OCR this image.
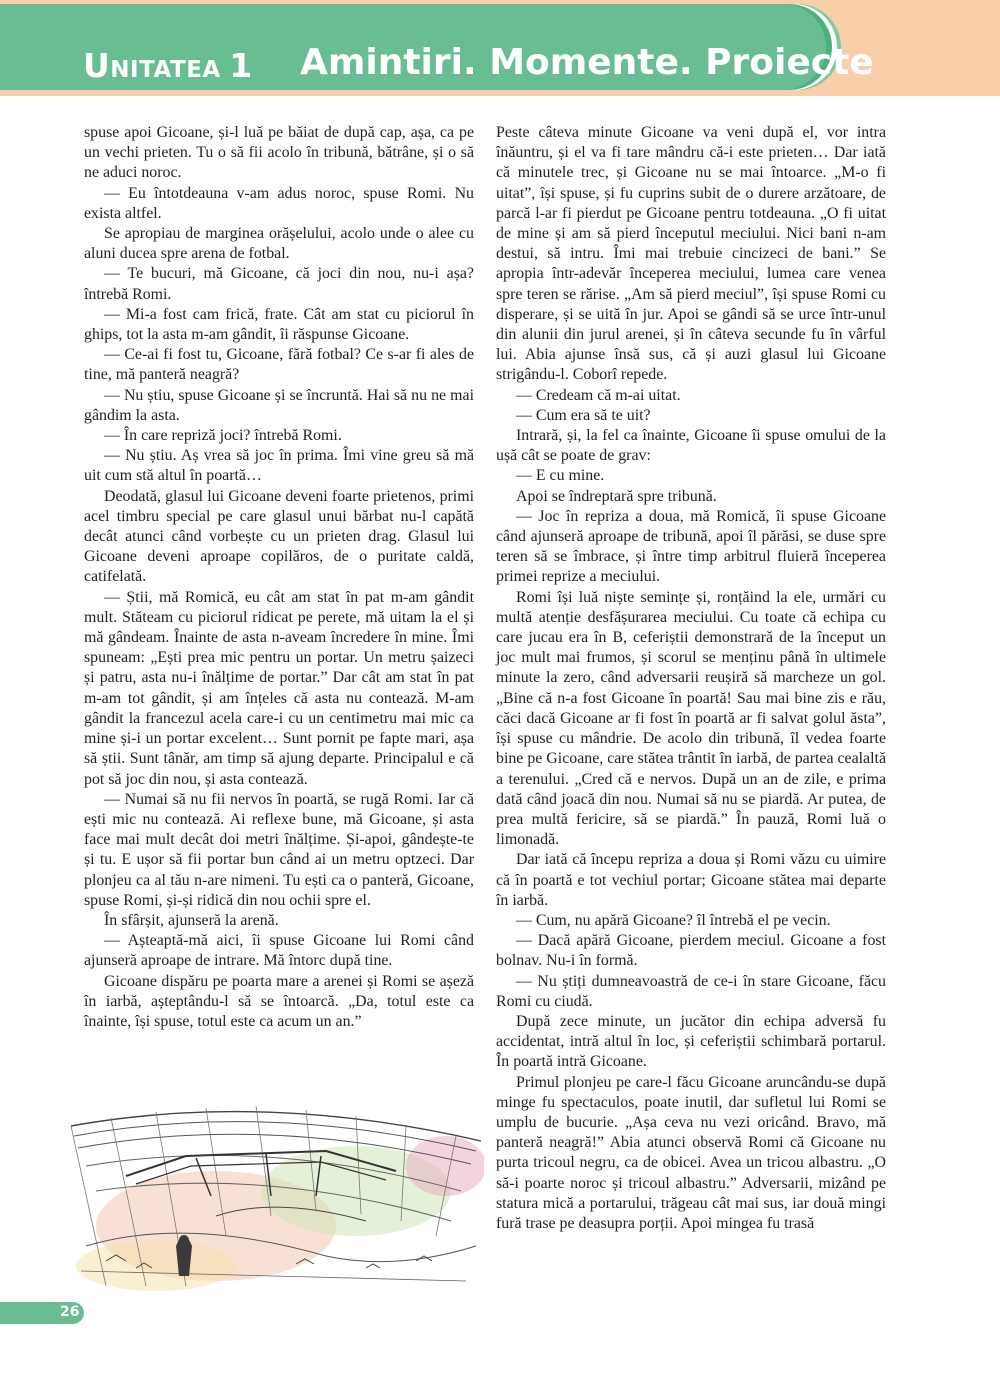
UNITATEA 1 Amintiri. Momente. Proiecte

spuse apoi Gicoane, și-l luă pe băiat de după cap, așa, ca pe un vechi prieten. Tu o să fii acolo în tribună, bătrâne, și o să ne aduci noroc.

— Eu întotdeauna v-am adus noroc, spuse Romi. Nu exista altfel.

Se apropiau de marginea orășelului, acolo unde o alee cu aluni ducea spre arena de fotbal.

— Te bucuri, mă Gicoane, că joci din nou, nu-i așa? întrebă Romi.

— Mi-a fost cam frică, frate. Cât am stat cu piciorul în ghips, tot la asta m-am gândit, îi răspunse Gicoane.

— Ce-ai fi fost tu, Gicoane, fără fotbal? Ce s-ar fi ales de tine, mă panteră neagră?

— Nu știu, spuse Gicoane și se încruntă. Hai să nu ne mai gândim la asta.

— În care repriză joci? întrebă Romi.

— Nu știu. Aș vrea să joc în prima. Îmi vine greu să mă uit cum stă altul în poartă…

Deodată, glasul lui Gicoane deveni foarte prietenos, primi acel timbru special pe care glasul unui bărbat nu-l capătă decât atunci când vorbește cu un prieten drag. Glasul lui Gicoane deveni aproape copilăros, de o puritate caldă, catifelată.

— Știi, mă Romică, eu cât am stat în pat m-am gândit mult. Stăteam cu piciorul ridicat pe perete, mă uitam la el și mă gândeam. Înainte de asta n-aveam încredere în mine. Îmi spuneam: „Ești prea mic pentru un portar. Un metru șaizeci și patru, asta nu-i înălțime de portar.” Dar cât am stat în pat m-am tot gândit, și am înțeles că asta nu contează. M-am gândit la francezul acela care-i cu un centimetru mai mic ca mine și-i un portar excelent… Sunt pornit pe fapte mari, așa să știi. Sunt tânăr, am timp să ajung departe. Principalul e că pot să joc din nou, și asta contează.

— Numai să nu fii nervos în poartă, se rugă Romi. Iar că ești mic nu contează. Ai reflexe bune, mă Gicoane, și asta face mai mult decât doi metri înălțime. Și-apoi, gândește-te și tu. E ușor să fii portar bun când ai un metru optzeci. Dar plonjeu ca al tău n-are nimeni. Tu ești ca o panteră, Gicoane, spuse Romi, și-și ridică din nou ochii spre el.

În sfârșit, ajunseră la arenă.

— Așteaptă-mă aici, îi spuse Gicoane lui Romi când ajunseră aproape de intrare. Mă întorc după tine.

Gicoane dispăru pe poarta mare a arenei și Romi se așeză în iarbă, așteptându-l să se întoarcă. „Da, totul este ca înainte, își spuse, totul este ca acum un an.”

Peste câteva minute Gicoane va veni după el, vor intra înăuntru, și el va fi tare mândru că-i este prieten… Dar iată că minutele trec, și Gicoane nu se mai întoarce. „M-o fi uitat”, își spuse, și fu cuprins subit de o durere arzătoare, de parcă l-ar fi pierdut pe Gicoane pentru totdeauna. „O fi uitat de mine și am să pierd începutul meciului. Nici bani n-am destui, să intru. Îmi mai trebuie cincizeci de bani.” Se apropia într-adevăr începerea meciului, lumea care venea spre teren se rărise. „Am să pierd meciul”, își spuse Romi cu disperare, și se uită în jur. Apoi se gândi să se urce într-unul din alunii din jurul arenei, și în câteva secunde fu în vârful lui. Abia ajunse însă sus, că și auzi glasul lui Gicoane strigându-l. Coborî repede.

— Credeam că m-ai uitat.

— Cum era să te uit?

Intrară, și, la fel ca înainte, Gicoane îi spuse omului de la ușă cât se poate de grav:

— E cu mine.

Apoi se îndreptară spre tribună.

— Joc în repriza a doua, mă Romică, îi spuse Gicoane când ajunseră aproape de tribună, apoi îl părăsi, se duse spre teren să se îmbrace, și între timp arbitrul fluieră începerea primei reprize a meciului.

Romi își luă niște semințe și, ronțăind la ele, urmări cu multă atenție desfășurarea meciului. Cu toate că echipa cu care jucau era în B, ceferiștii demonstrară de la început un joc mult mai frumos, și scorul se menținu până în ultimele minute la zero, când adversarii reușiră să marcheze un gol. „Bine că n-a fost Gicoane în poartă! Sau mai bine zis e rău, căci dacă Gicoane ar fi fost în poartă ar fi salvat golul ăsta”, își spuse cu mândrie. De acolo din tribună, îl vedea foarte bine pe Gicoane, care stătea trântit în iarbă, de partea cealaltă a terenului. „Cred că e nervos. După un an de zile, e prima dată când joacă din nou. Numai să nu se piardă. Ar putea, de prea multă fericire, să se piardă.” În pauză, Romi luă o limonadă.

Dar iată că începu repriza a doua și Romi văzu cu uimire că în poartă e tot vechiul portar; Gicoane stătea mai departe în iarbă.

— Cum, nu apără Gicoane? îl întrebă el pe vecin.

— Dacă apără Gicoane, pierdem meciul. Gicoane a fost bolnav. Nu-i în formă.

— Nu știți dumneavoastră de ce-i în stare Gicoane, făcu Romi cu ciudă.

După zece minute, un jucător din echipa adversă fu accidentat, intră altul în loc, și ceferiștii schimbară portarul. În poartă intră Gicoane.

Primul plonjeu pe care-l făcu Gicoane aruncându-se după minge fu spectaculos, poate inutil, dar sufletul lui Romi se umplu de bucurie. „Așa ceva nu vezi oricând. Bravo, mă panteră neagră!” Abia atunci observă Romi că Gicoane nu purta tricoul negru, ca de obicei. Avea un tricou albastru. „O să-i poarte noroc și tricoul albastru.” Adversarii, mizând pe statura mică a portarului, trăgeau cât mai sus, iar două mingi fură trase pe deasupra porții. Apoi mingea fu trasă

26
